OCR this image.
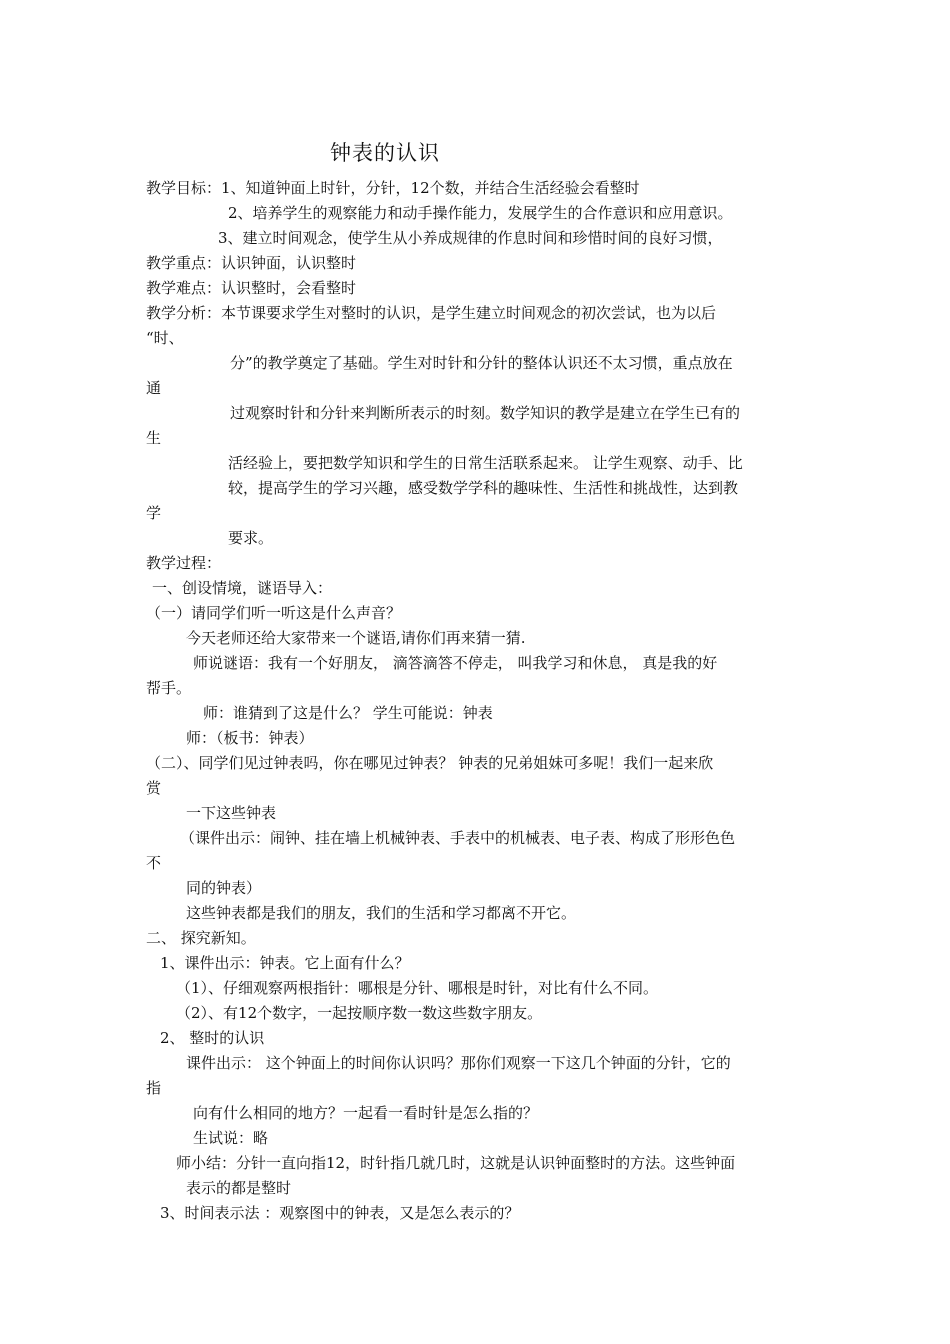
钟表的认识
教学目标：1、知道钟面上时针，分针，12个数，并结合生活经验会看整时
2、培养学生的观察能力和动手操作能力，发展学生的合作意识和应用意识。
3、建立时间观念，使学生从小养成规律的作息时间和珍惜时间的良好习惯，
教学重点：认识钟面，认识整时
教学难点：认识整时，会看整时
教学分析：本节课要求学生对整时的认识，是学生建立时间观念的初次尝试，也为以后
“时、
分”的教学奠定了基础。学生对时针和分针的整体认识还不太习惯，重点放在
通
过观察时针和分针来判断所表示的时刻。数学知识的教学是建立在学生已有的
生
活经验上，要把数学知识和学生的日常生活联系起来。 让学生观察、动手、比
较，提高学生的学习兴趣，感受数学学科的趣味性、生活性和挑战性，达到教
学
要求。
教学过程：
一、创设情境，谜语导入：
（一）请同学们听一听这是什么声音？
今天老师还给大家带来一个谜语,请你们再来猜一猜.
师说谜语：我有一个好朋友， 滴答滴答不停走， 叫我学习和休息， 真是我的好
帮手。
师：谁猜到了这是什么？ 学生可能说：钟表
师：（板书：钟表）
（二）、同学们见过钟表吗，你在哪见过钟表？ 钟表的兄弟姐妹可多呢！我们一起来欣
赏
一下这些钟表
（课件出示：闹钟、挂在墙上机械钟表、手表中的机械表、电子表、构成了形形色色
不
同的钟表）
这些钟表都是我们的朋友，我们的生活和学习都离不开它。
二、 探究新知。
1、课件出示：钟表。它上面有什么？
（1）、仔细观察两根指针：哪根是分针、哪根是时针，对比有什么不同。
（2）、有12个数字，一起按顺序数一数这些数字朋友。
2、 整时的认识
课件出示： 这个钟面上的时间你认识吗？那你们观察一下这几个钟面的分针，它的
指
向有什么相同的地方？一起看一看时针是怎么指的？
生试说：略
师小结：分针一直向指12，时针指几就几时，这就是认识钟面整时的方法。这些钟面
表示的都是整时
3、时间表示法 ：观察图中的钟表，又是怎么表示的？
